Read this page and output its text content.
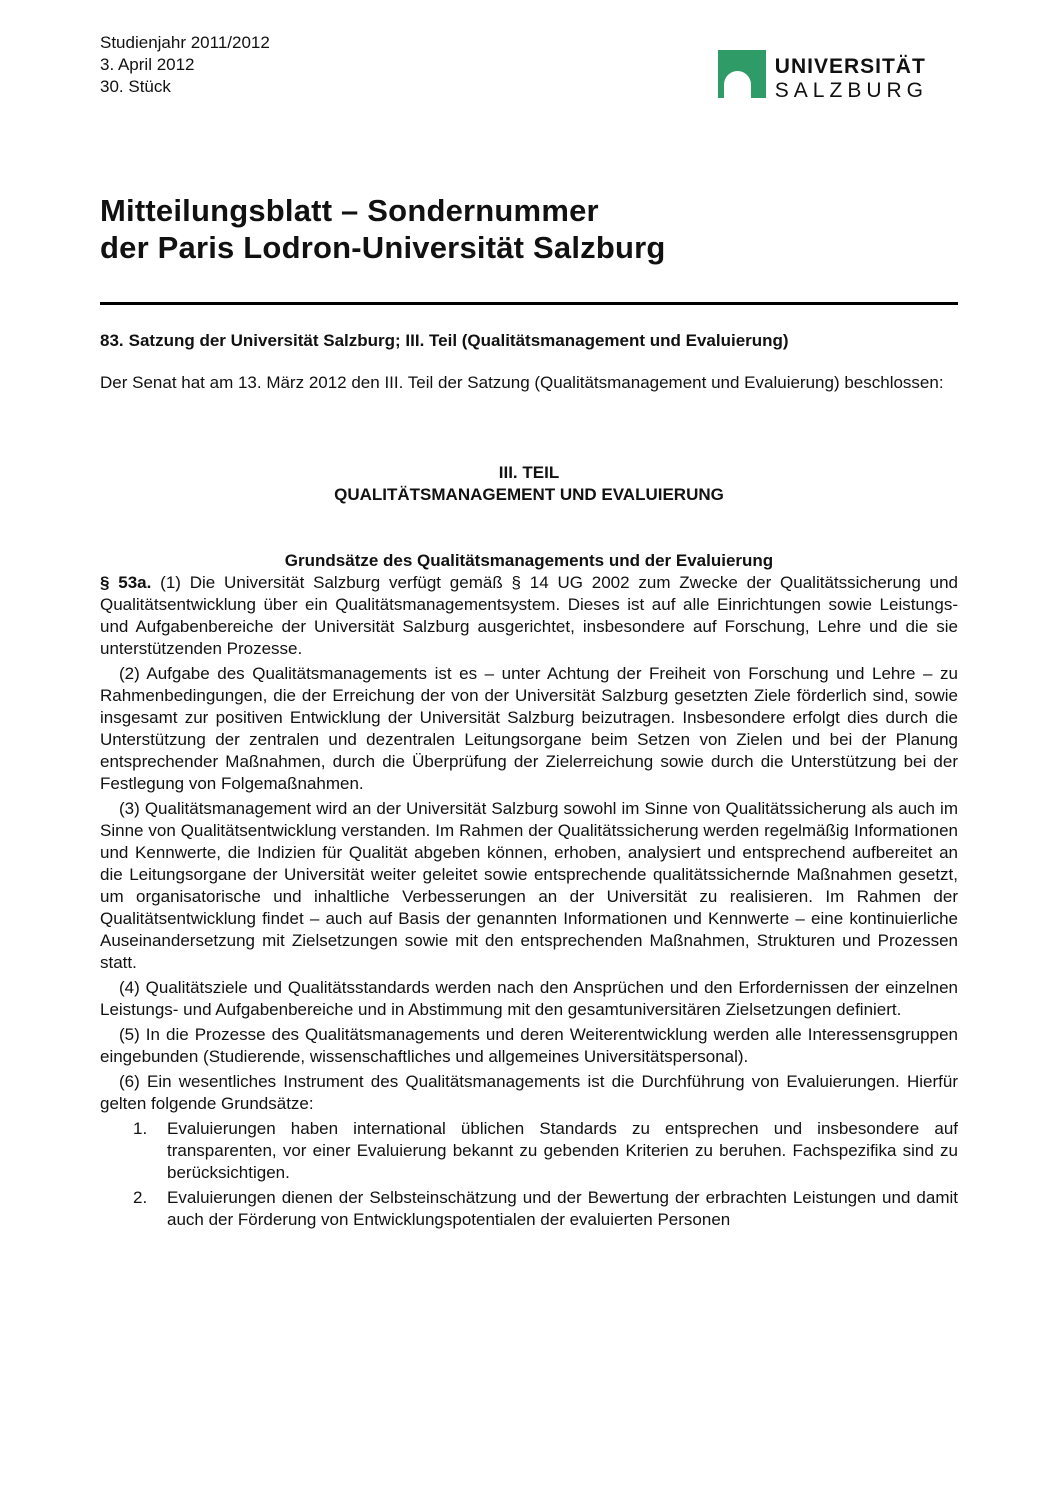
Studienjahr 2011/2012
3. April 2012
30. Stück
UNIVERSITÄT
SALZBURG
Mitteilungsblatt – Sondernummer
der Paris Lodron-Universität Salzburg
83. Satzung der Universität Salzburg; III. Teil (Qualitätsmanagement und Evaluierung)

Der Senat hat am 13. März 2012 den III. Teil der Satzung (Qualitätsmanagement und Evaluierung) beschlossen:

III. TEIL
QUALITÄTSMANAGEMENT UND EVALUIERUNG
Grundsätze des Qualitätsmanagements und der Evaluierung

§ 53a. (1) Die Universität Salzburg verfügt gemäß § 14 UG 2002 zum Zwecke der Qualitätssicherung und Qualitätsentwicklung über ein Qualitätsmanagementsystem. Dieses ist auf alle Einrichtungen sowie Leistungs- und Aufgabenbereiche der Universität Salzburg ausgerichtet, insbesondere auf Forschung, Lehre und die sie unterstützenden Prozesse.

(2) Aufgabe des Qualitätsmanagements ist es – unter Achtung der Freiheit von Forschung und Lehre – zu Rahmenbedingungen, die der Erreichung der von der Universität Salzburg gesetzten Ziele förderlich sind, sowie insgesamt zur positiven Entwicklung der Universität Salzburg beizutragen. Insbesondere erfolgt dies durch die Unterstützung der zentralen und dezentralen Leitungsorgane beim Setzen von Zielen und bei der Planung entsprechender Maßnahmen, durch die Überprüfung der Zielerreichung sowie durch die Unterstützung bei der Festlegung von Folgemaßnahmen.

(3) Qualitätsmanagement wird an der Universität Salzburg sowohl im Sinne von Qualitätssicherung als auch im Sinne von Qualitätsentwicklung verstanden. Im Rahmen der Qualitätssicherung werden regelmäßig Informationen und Kennwerte, die Indizien für Qualität abgeben können, erhoben, analysiert und entsprechend aufbereitet an die Leitungsorgane der Universität weiter geleitet sowie entsprechende qualitätssichernde Maßnahmen gesetzt, um organisatorische und inhaltliche Verbesserungen an der Universität zu realisieren. Im Rahmen der Qualitätsentwicklung findet – auch auf Basis der genannten Informationen und Kennwerte – eine kontinuierliche Auseinandersetzung mit Zielsetzungen sowie mit den entsprechenden Maßnahmen, Strukturen und Prozessen statt.

(4) Qualitätsziele und Qualitätsstandards werden nach den Ansprüchen und den Erfordernissen der einzelnen Leistungs- und Aufgabenbereiche und in Abstimmung mit den gesamtuniversitären Zielsetzungen definiert.

(5) In die Prozesse des Qualitätsmanagements und deren Weiterentwicklung werden alle Interessensgruppen eingebunden (Studierende, wissenschaftliches und allgemeines Universitätspersonal).

(6) Ein wesentliches Instrument des Qualitätsmanagements ist die Durchführung von Evaluierungen. Hierfür gelten folgende Grundsätze:

1.	Evaluierungen haben international üblichen Standards zu entsprechen und insbesondere auf transparenten, vor einer Evaluierung bekannt zu gebenden Kriterien zu beruhen. Fachspezifika sind zu berücksichtigen.
2.	Evaluierungen dienen der Selbsteinschätzung und der Bewertung der erbrachten Leistungen und damit auch der Förderung von Entwicklungspotentialen der evaluierten Personen
